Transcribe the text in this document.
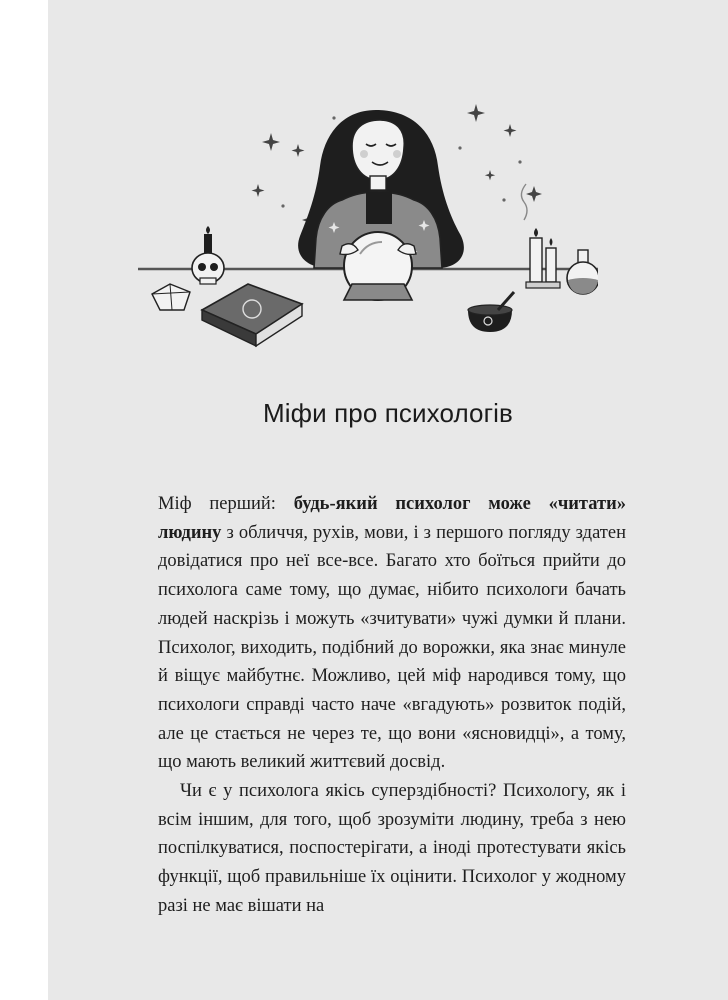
Міфи про психологів

Міф перший: будь-який психолог може «читати» людину з обличчя, рухів, мови, і з першого погляду здатен довідатися про неї все-все. Багато хто боїться прийти до психолога саме тому, що думає, нібито психологи бачать людей наскрізь і можуть «зчитувати» чужі думки й плани. Психолог, виходить, подібний до ворожки, яка знає минуле й віщує майбутнє. Можливо, цей міф народився тому, що психологи справді часто наче «вгадують» розвиток подій, але це стається не через те, що вони «ясновидці», а тому, що мають великий життєвий досвід.

Чи є у психолога якісь суперздібності? Психологу, як і всім іншим, для того, щоб зрозуміти людину, треба з нею поспілкуватися, поспостерігати, а іноді протестувати якісь функції, щоб правильніше їх оцінити. Психолог у жодному разі не має вішати на
